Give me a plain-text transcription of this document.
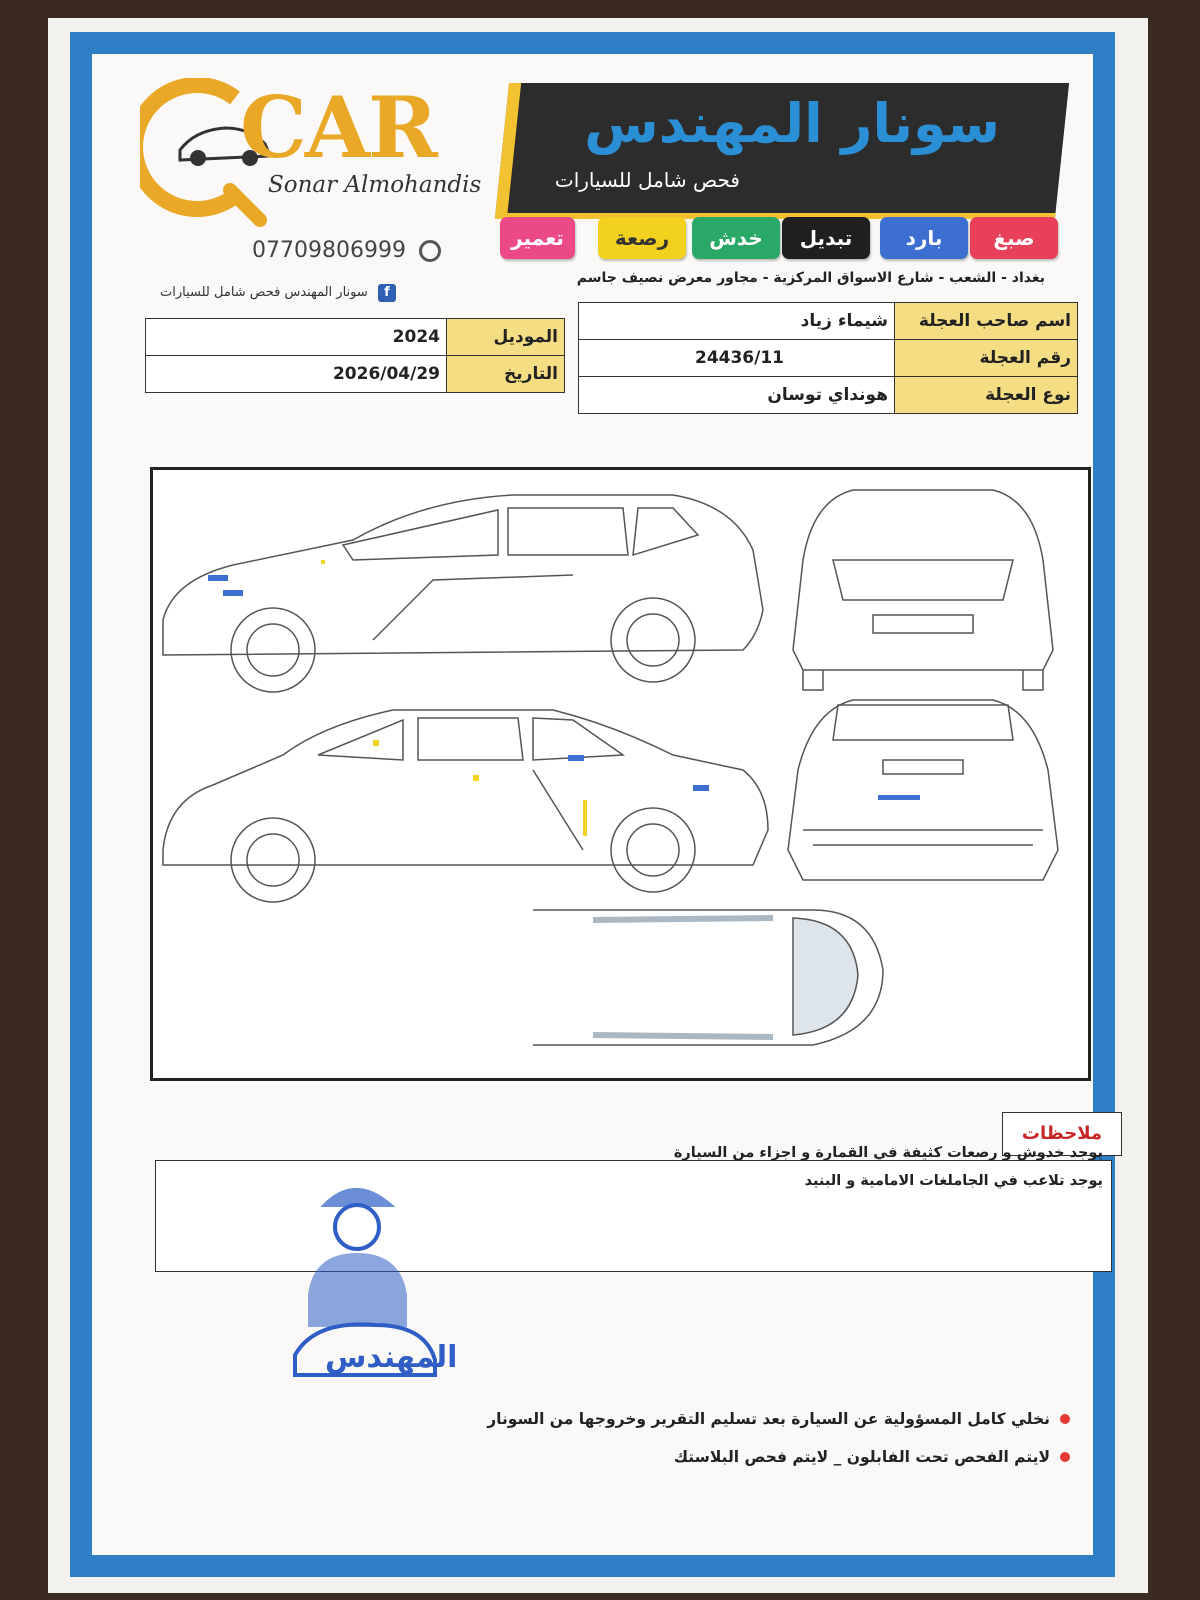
CAR
Sonar Almohandis
07709806999
سونار المهندس فحص شامل للسيارات f
سونار المهندس
فحص شامل للسيارات
صبغ
بارد
تبديل
خدش
رصعة
تعمير
بغداد - الشعب - شارع الاسواق المركزية - مجاور معرض نصيف جاسم
شيماء زياد	اسم صاحب العجلة
24436/11	رقم العجلة
هونداي توسان	نوع العجلة
2024	الموديل
2026/04/29	التاريخ
ملاحظات
يوجد خدوش و رصعات كثيفة في القمارة و اجزاء من السيارة
يوجد تلاعب في الجاملغات الامامية و البنيد
المهندس
نخلي كامل المسؤولية عن السيارة بعد تسليم التقرير وخروجها من السونار
لايتم الفحص تحت الفابلون _ لايتم فحص البلاستك
